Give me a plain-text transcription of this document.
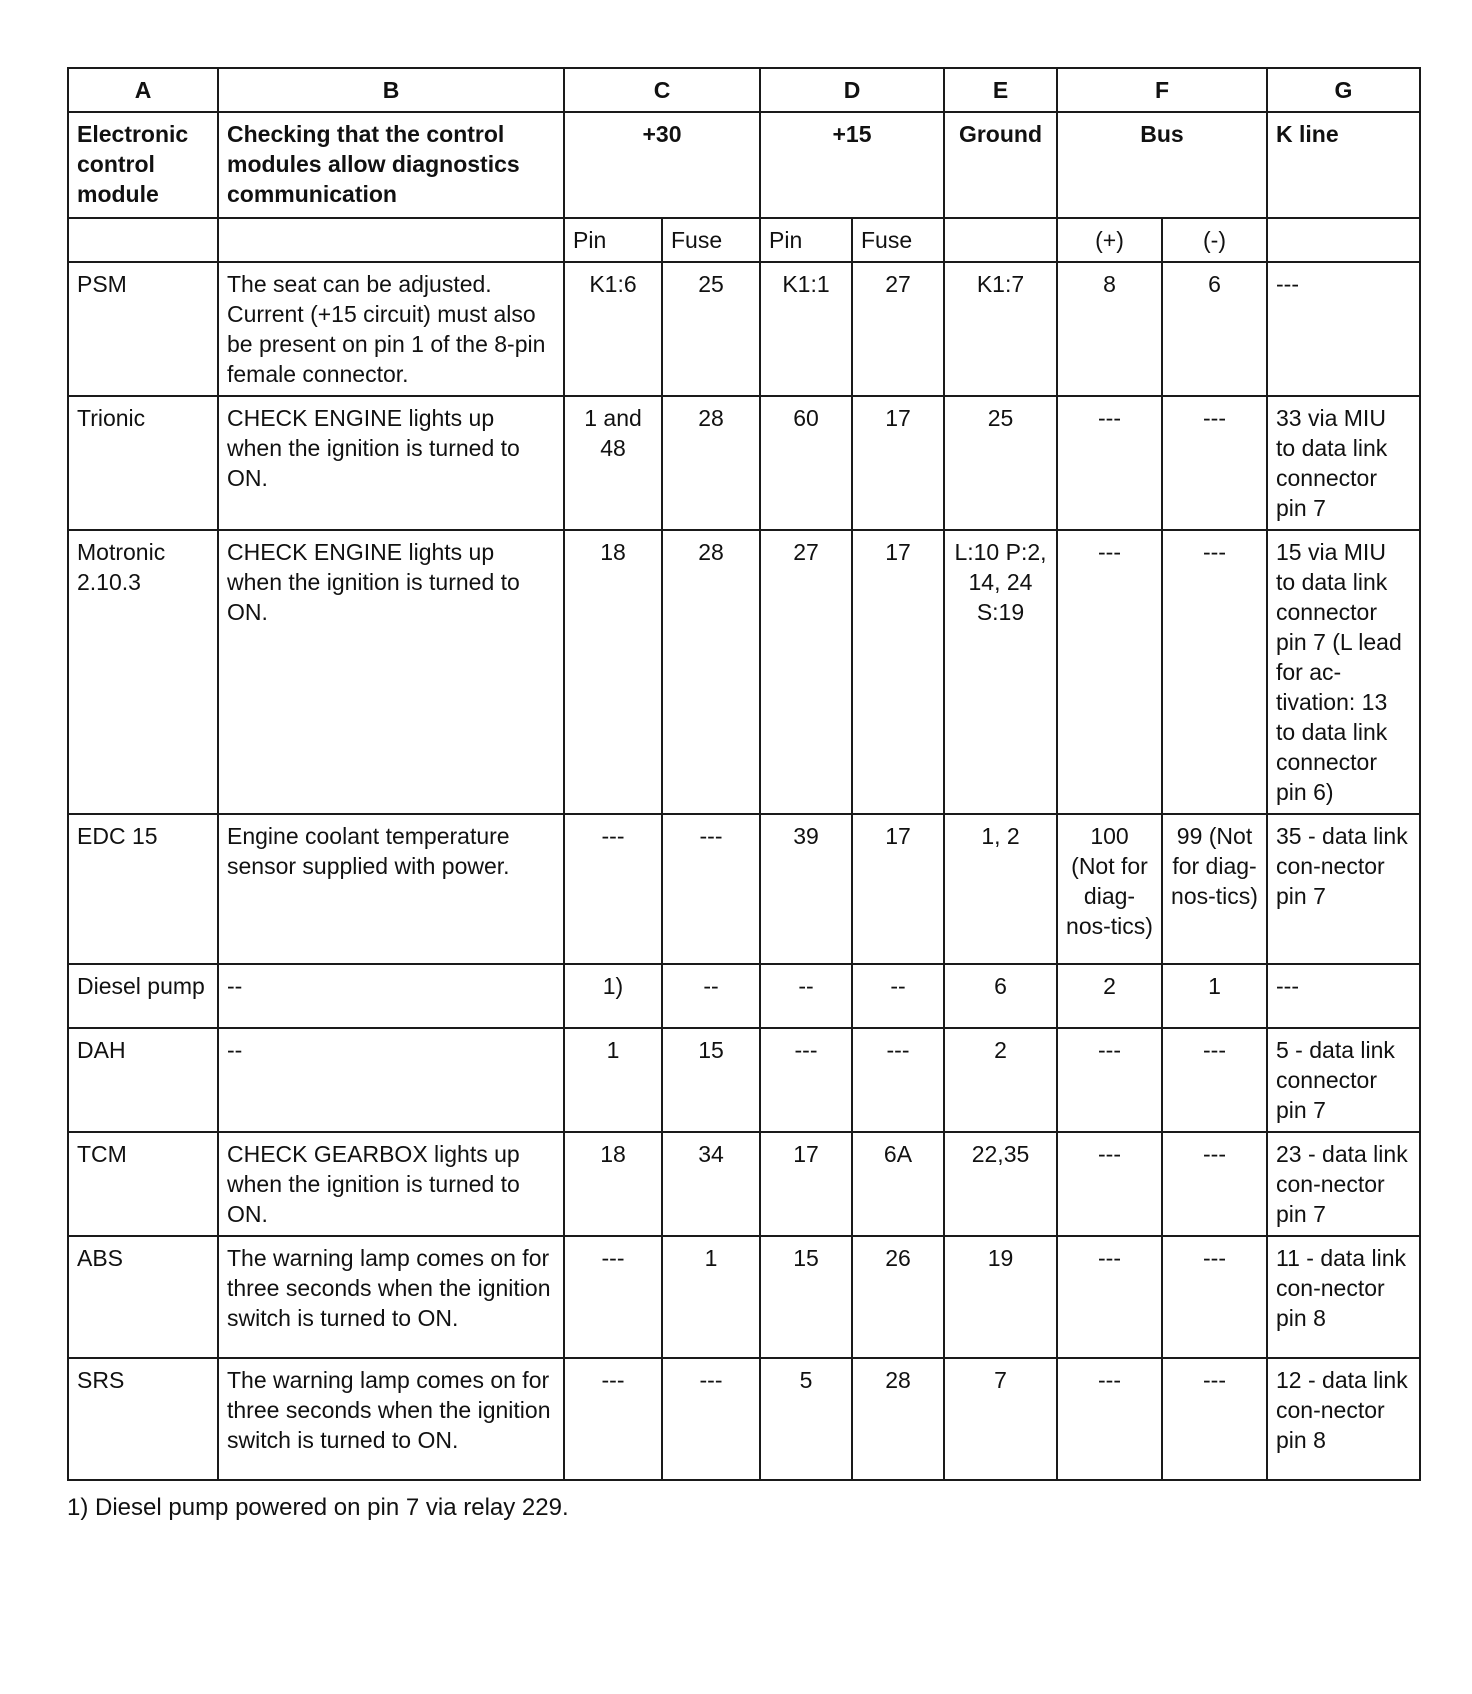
A	B	C		D		E	F		G
Electronic control module	Checking that the control modules allow diagnostics communication	+30		+15		Ground	Bus		K line
		Pin	Fuse	Pin	Fuse		(+)	(-)	
PSM	The seat can be adjusted. Current (+15 circuit) must also be present on pin 1 of the 8-pin female connector.	K1:6	25	K1:1	27	K1:7	8	6	---
Trionic	CHECK ENGINE lights up when the ignition is turned to ON.	1 and 48	28	60	17	25	---	---	33 via MIU to data link connector pin 7
Motronic 2.10.3	CHECK ENGINE lights up when the ignition is turned to ON.	18	28	27	17	L:10 P:2, 14, 24 S:19	---	---	15 via MIU to data link connector pin 7 (L lead for ac-tivation: 13 to data link connector pin 6)
EDC 15	Engine coolant temperature sensor supplied with power.	---	---	39	17	1, 2	100 (Not for diag-nos-tics)	99 (Not for diag-nos-tics)	35 - data link con-nector pin 7
Diesel pump	--	1)	--	--	--	6	2	1	---
DAH	--	1	15	---	---	2	---	---	5 - data link connector pin 7
TCM	CHECK GEARBOX lights up when the ignition is turned to ON.	18	34	17	6A	22,35	---	---	23 - data link con-nector pin 7
ABS	The warning lamp comes on for three seconds when the ignition switch is turned to ON.	---	1	15	26	19	---	---	11 - data link con-nector pin 8
SRS	The warning lamp comes on for three seconds when the ignition switch is turned to ON.	---	---	5	28	7	---	---	12 - data link con-nector pin 8
1) Diesel pump powered on pin 7 via relay 229.
